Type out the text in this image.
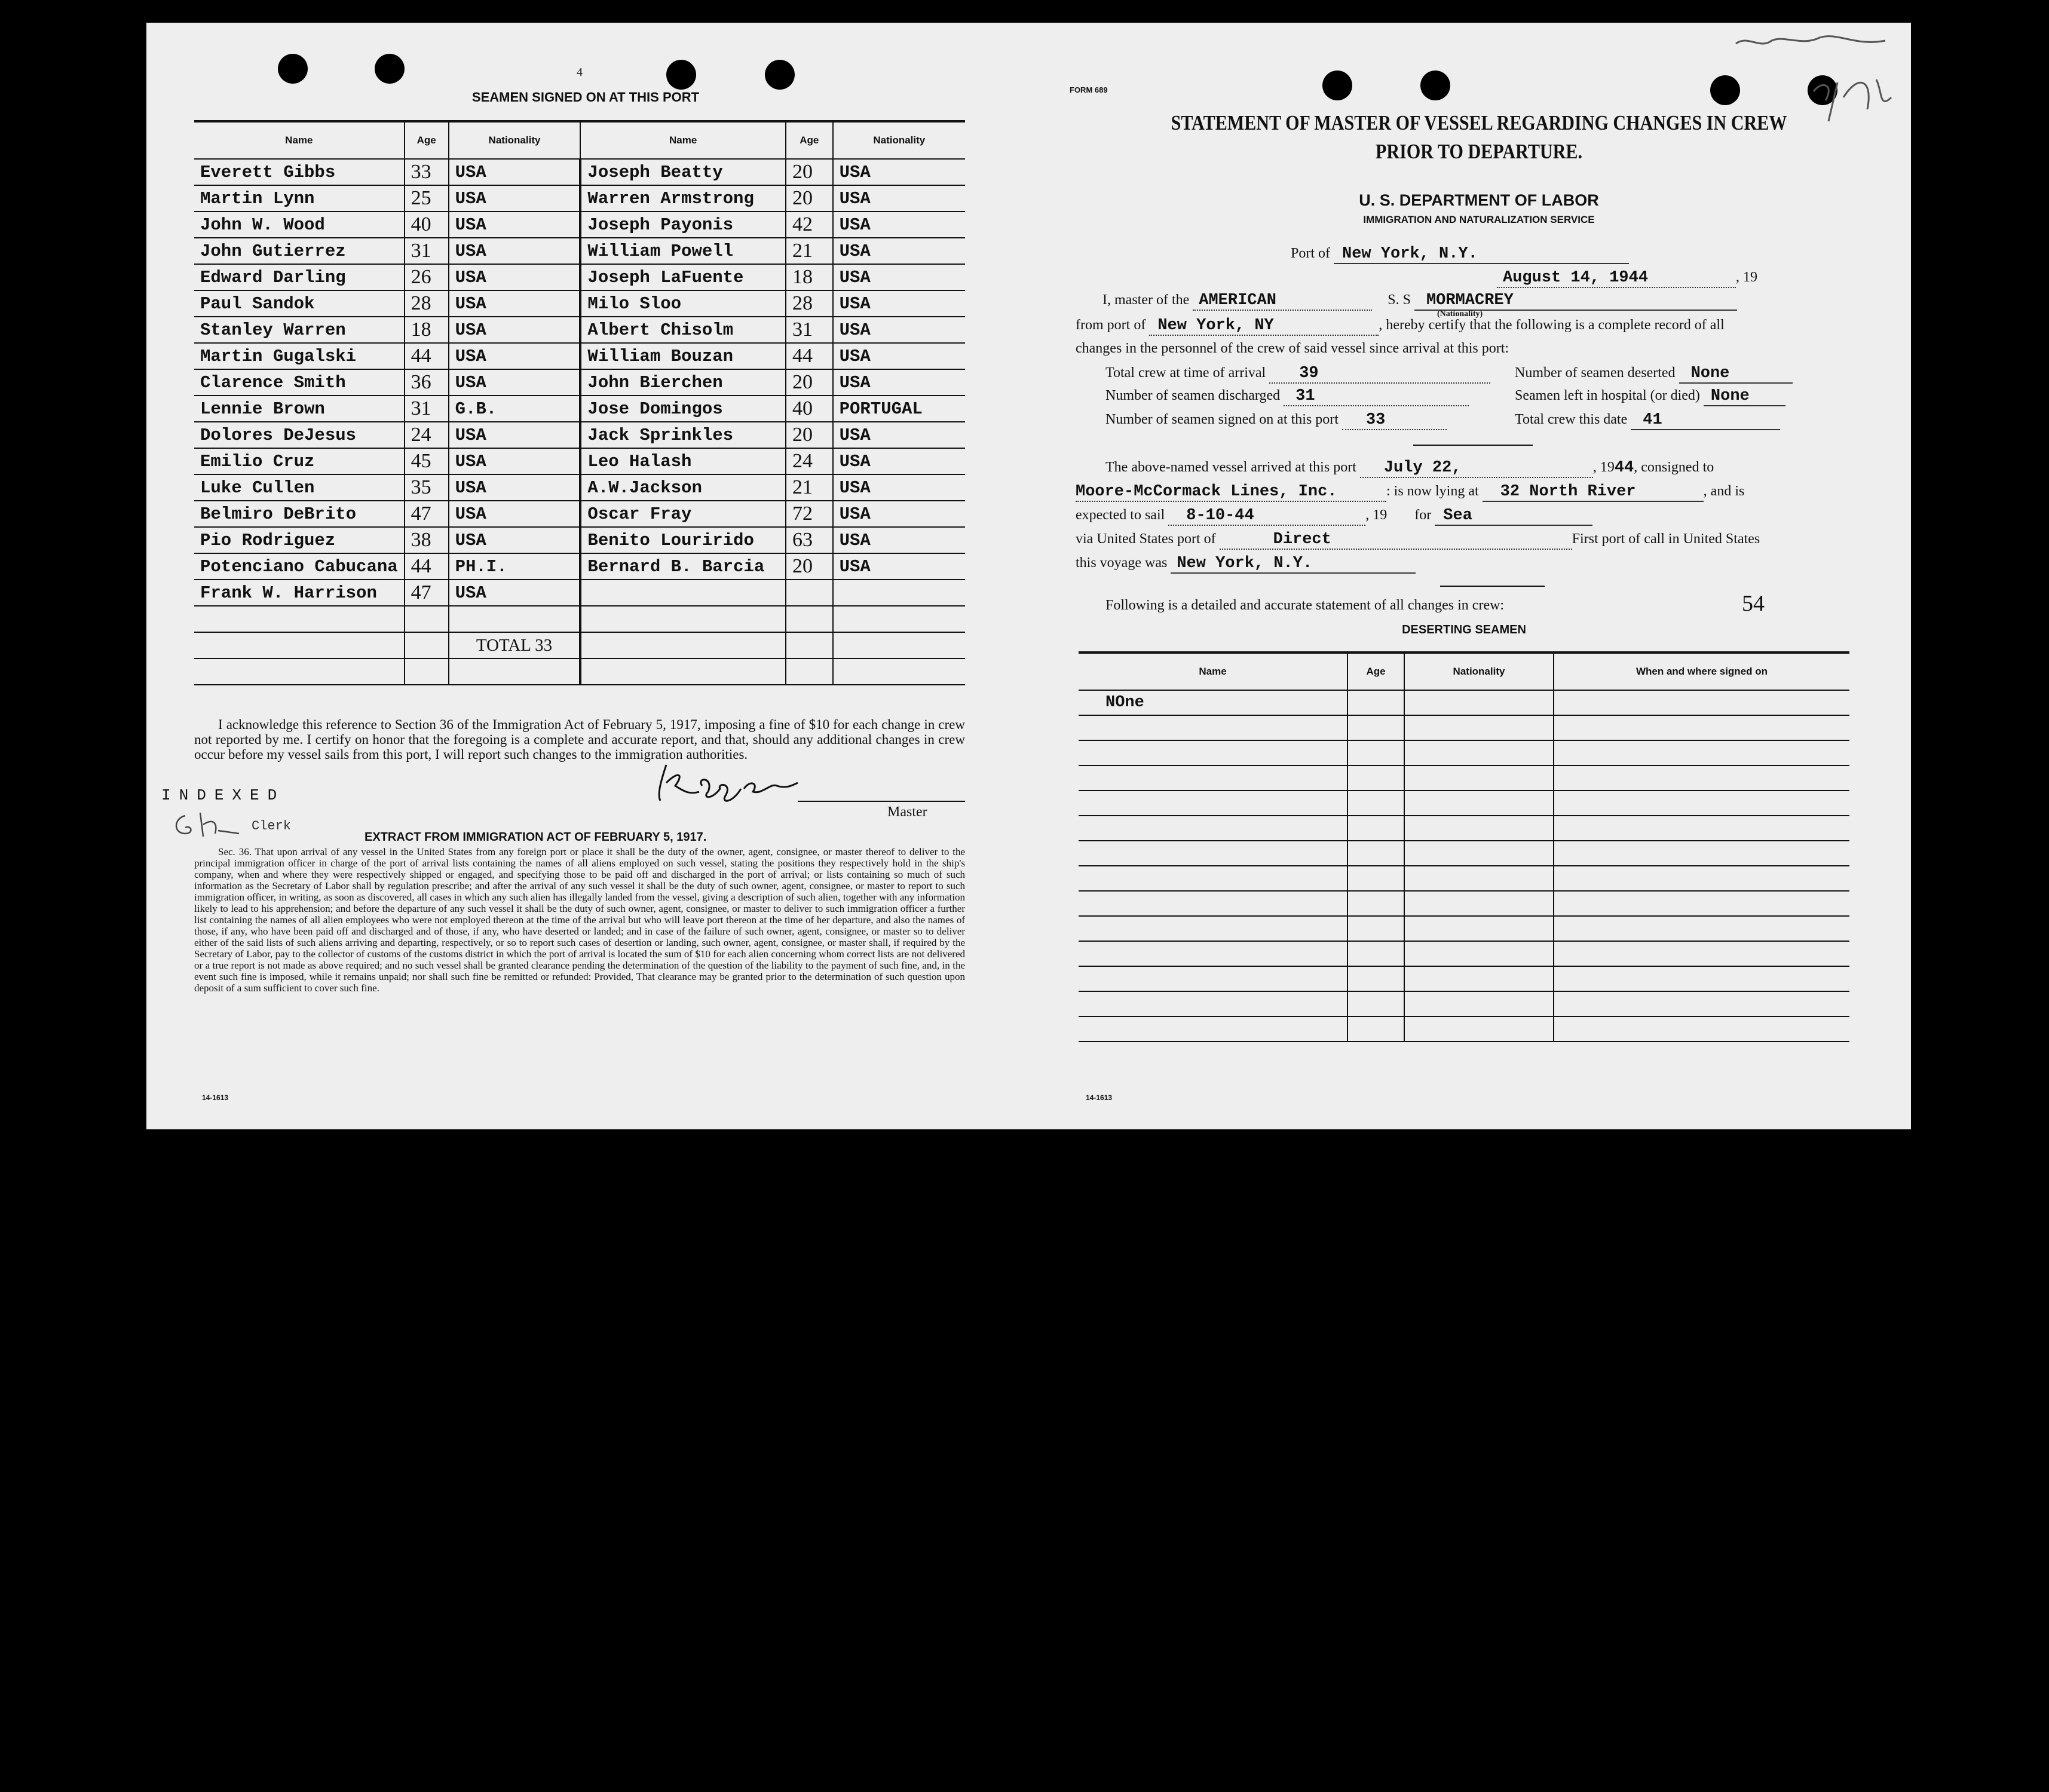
4
SEAMEN SIGNED ON AT THIS PORT
Name	Age	Nationality	Name	Age	Nationality
Everett Gibbs	33	USA	Joseph Beatty	20	USA
Martin Lynn	25	USA	Warren Armstrong	20	USA
John W. Wood	40	USA	Joseph Payonis	42	USA
John Gutierrez	31	USA	William Powell	21	USA
Edward Darling	26	USA	Joseph LaFuente	18	USA
Paul Sandok	28	USA	Milo Sloo	28	USA
Stanley Warren	18	USA	Albert Chisolm	31	USA
Martin Gugalski	44	USA	William Bouzan	44	USA
Clarence Smith	36	USA	John Bierchen	20	USA
Lennie Brown	31	G.B.	Jose Domingos	40	PORTUGAL
Dolores DeJesus	24	USA	Jack Sprinkles	20	USA
Emilio Cruz	45	USA	Leo Halash	24	USA
Luke Cullen	35	USA	A.W.Jackson	21	USA
Belmiro DeBrito	47	USA	Oscar Fray	72	USA
Pio Rodriguez	38	USA	Benito Lourirido	63	USA
Potenciano Cabucana	44	PH.I.	Bernard B. Barcia	20	USA
Frank W. Harrison	47	USA			

		TOTAL 33			

I acknowledge this reference to Section 36 of the Immigration Act of February 5, 1917, imposing a fine of $10 for each change in crew not reported by me. I certify on honor that the foregoing is a complete and accurate report, and that, should any additional changes in crew occur before my vessel sails from this port, I will report such changes to the immigration authorities.
Master
INDEXED
Clerk
EXTRACT FROM IMMIGRATION ACT OF FEBRUARY 5, 1917.
Sec. 36. That upon arrival of any vessel in the United States from any foreign port or place it shall be the duty of the owner, agent, consignee, or master thereof to deliver to the principal immigration officer in charge of the port of arrival lists containing the names of all aliens employed on such vessel, stating the positions they respectively hold in the ship's company, when and where they were respectively shipped or engaged, and specifying those to be paid off and discharged in the port of arrival; or lists containing so much of such information as the Secretary of Labor shall by regulation prescribe; and after the arrival of any such vessel it shall be the duty of such owner, agent, consignee, or master to report to such immigration officer, in writing, as soon as discovered, all cases in which any such alien has illegally landed from the vessel, giving a description of such alien, together with any information likely to lead to his apprehension; and before the departure of any such vessel it shall be the duty of such owner, agent, consignee, or master to deliver to such immigration officer a further list containing the names of all alien employees who were not employed thereon at the time of the arrival but who will leave port thereon at the time of her departure, and also the names of those, if any, who have been paid off and discharged and of those, if any, who have deserted or landed; and in case of the failure of such owner, agent, consignee, or master so to deliver either of the said lists of such aliens arriving and departing, respectively, or so to report such cases of desertion or landing, such owner, agent, consignee, or master shall, if required by the Secretary of Labor, pay to the collector of customs of the customs district in which the port of arrival is located the sum of $10 for each alien concerning whom correct lists are not delivered or a true report is not made as above required; and no such vessel shall be granted clearance pending the determination of the question of the liability to the payment of such fine, and, in the event such fine is imposed, while it remains unpaid; nor shall such fine be remitted or refunded: Provided, That clearance may be granted prior to the determination of such question upon deposit of a sum sufficient to cover such fine.
14-1613
FORM 689
STATEMENT OF MASTER OF VESSEL REGARDING CHANGES IN CREW
PRIOR TO DEPARTURE.
U. S. DEPARTMENT OF LABOR
IMMIGRATION AND NATURALIZATION SERVICE
Port of New York, N.Y.
August 14, 1944	, 19
I, master of the AMERICAN	S. S MORMACREY
(Nationality)
from port of New York, NY	, hereby certify that the following is a complete record of all
changes in the personnel of the crew of said vessel since arrival at this port:
Total crew at time of arrival 39	Number of seamen deserted None
Number of seamen discharged 31	Seamen left in hospital (or died) None
Number of seamen signed on at this port 33	Total crew this date 41
The above-named vessel arrived at this port July 22,	, 1944, consigned to
Moore-McCormack Lines, Inc.	: is now lying at 32 North River	, and is
expected to sail 8-10-44	, 19 for Sea
via United States port of	Direct	First port of call in United States
this voyage was New York, N.Y.
Following is a detailed and accurate statement of all changes in crew:	54
DESERTING SEAMEN
Name	Age	Nationality	When and where signed on
NOne			

14-1613
